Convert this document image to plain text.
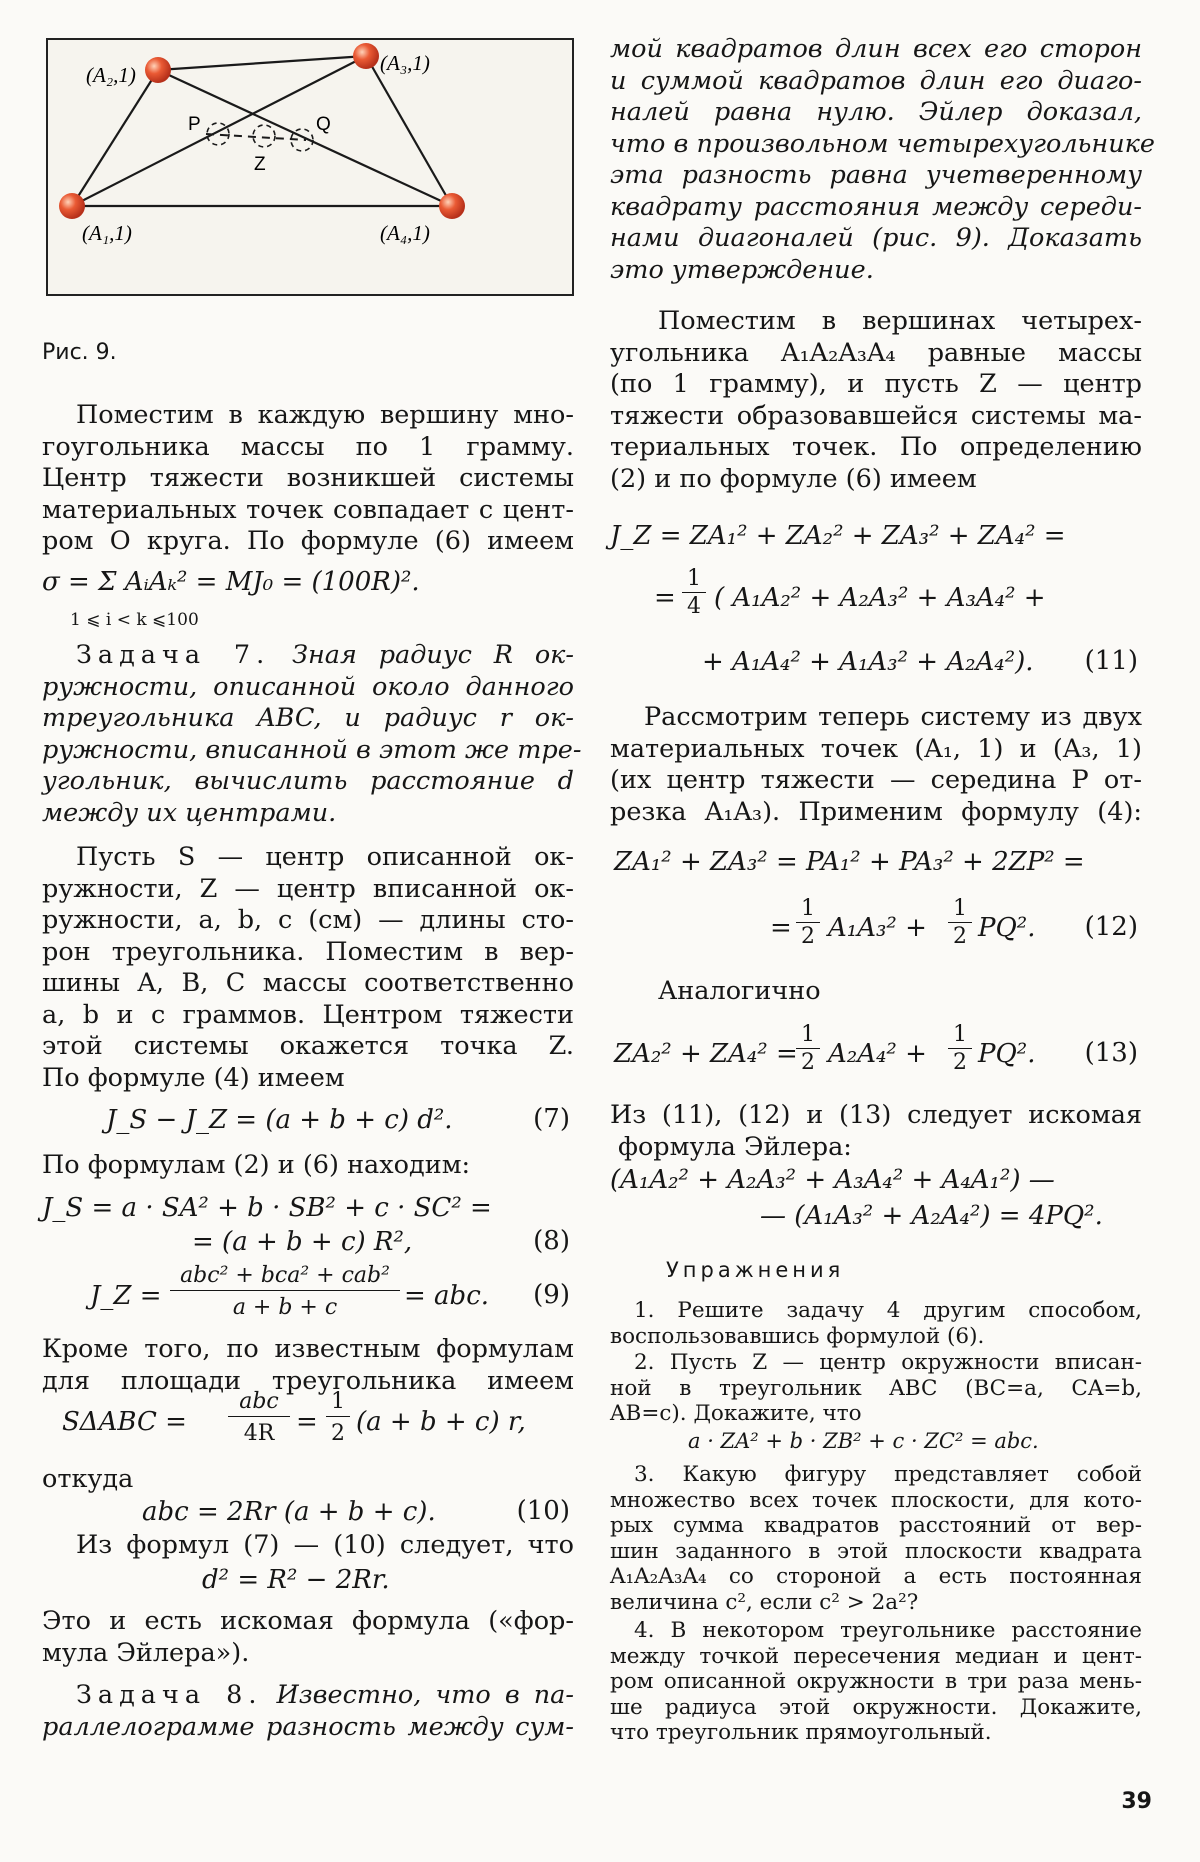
(A₁,1)
(A₂,1)	(A₃,1)
(A₄,1)
P	Q
Z
Рис. 9.
Поместим в каждую вершину мно-
гоугольника массы по 1 грамму.
Центр тяжести возникшей системы
материальных точек совпадает с цент-
ром O круга. По формуле (6) имеем
σ = Σ AᵢAₖ² = MJ₀ = (100R)².
1 ⩽ i < k ⩽100
Задача 7. Зная радиус R ок-
ружности, описанной около данного
треугольника ABC, и радиус r ок-
ружности, вписанной в этот же тре-
угольник, вычислить расстояние d
между их центрами.
Пусть S — центр описанной ок-
ружности, Z — центр вписанной ок-
ружности, a, b, c (см) — длины сто-
рон треугольника. Поместим в вер-
шины A, B, C массы соответственно
a, b и c граммов. Центром тяжести
этой системы окажется точка Z.
По формуле (4) имеем
J_S − J_Z = (a + b + c) d².	(7)
По формулам (2) и (6) находим:
J_S = a · SA² + b · SB² + c · SC² =
= (a + b + c) R²,	(8)
J_Z =
abc² + bca² + cab²
a + b + c	= abc. (9)
Кроме того, по известным формулам
для площади треугольника имеем
SΔABC =
abc
4R =
1
2 (a + b + c) r,
откуда
abc = 2Rr (a + b + c).	(10)
Из формул (7) — (10) следует, что
d² = R² − 2Rr.
Это и есть искомая формула («фор-
мула Эйлера»).
Задача 8. Известно, что в па-
раллелограмме разность между сум-
мой квадратов длин всех его сторон
и суммой квадратов длин его диаго-
налей равна нулю. Эйлер доказал,
что в произвольном четырехугольнике
эта разность равна учетверенному
квадрату расстояния между середи-
нами диагоналей (рис. 9). Доказать
это утверждение.
Поместим в вершинах четырех-
угольника A₁A₂A₃A₄ равные массы
(по 1 грамму), и пусть Z — центр
тяжести образовавшейся системы ма-
териальных точек. По определению
(2) и по формуле (6) имеем
J_Z = ZA₁² + ZA₂² + ZA₃² + ZA₄² =
=
1
4 ( A₁A₂² + A₂A₃² + A₃A₄² +
+ A₁A₄² + A₁A₃² + A₂A₄²). (11)
Рассмотрим теперь систему из двух
материальных точек (A₁, 1) и (A₃, 1)
(их центр тяжести — середина P от-
резка A₁A₃). Применим формулу (4):
ZA₁² + ZA₃² = PA₁² + PA₃² + 2ZP² =
=
1
2 A₁A₃² +
1
2 PQ². (12)
Аналогично
ZA₂² + ZA₄² =
1
2 A₂A₄² +
1
2 PQ². (13)
Из (11), (12) и (13) следует искомая
формула Эйлера:
(A₁A₂² + A₂A₃² + A₃A₄² + A₄A₁²) —
— (A₁A₃² + A₂A₄²) = 4PQ².
Упражнения
1. Решите задачу 4 другим способом,
воспользовавшись формулой (6).
2. Пусть Z — центр окружности вписан-
ной в треугольник ABC (BC=a, CA=b,
AB=c). Докажите, что
a · ZA² + b · ZB² + c · ZC² = abc.
3. Какую фигуру представляет собой
множество всех точек плоскости, для кото-
рых сумма квадратов расстояний от вер-
шин заданного в этой плоскости квадрата
A₁A₂A₃A₄ со стороной a есть постоянная
величина c², если c² > 2a²?
4. В некотором треугольнике расстояние
между точкой пересечения медиан и цент-
ром описанной окружности в три раза мень-
ше радиуса этой окружности. Докажите,
что треугольник прямоугольный.
39
